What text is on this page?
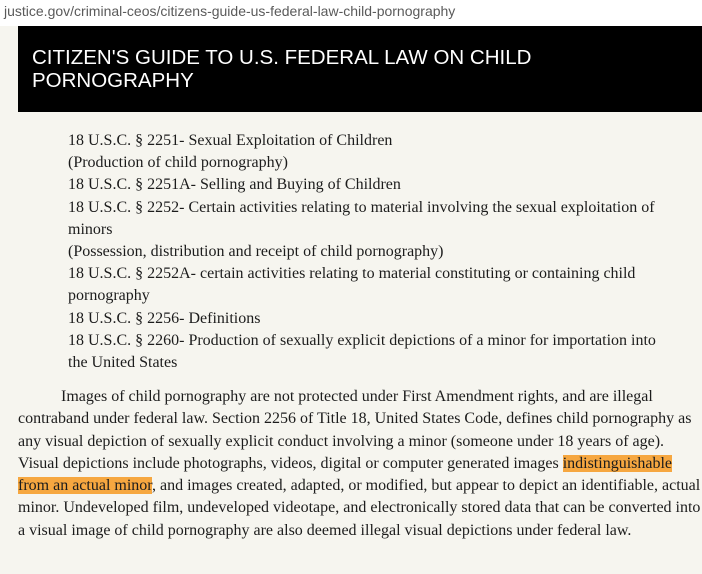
justice.gov/criminal-ceos/citizens-guide-us-federal-law-child-pornography
CITIZEN'S GUIDE TO U.S. FEDERAL LAW ON CHILD PORNOGRAPHY
18 U.S.C. § 2251- Sexual Exploitation of Children
(Production of child pornography)
18 U.S.C. § 2251A- Selling and Buying of Children
18 U.S.C. § 2252- Certain activities relating to material involving the sexual exploitation of minors
(Possession, distribution and receipt of child pornography)
18 U.S.C. § 2252A- certain activities relating to material constituting or containing child pornography
18 U.S.C. § 2256- Definitions
18 U.S.C. § 2260- Production of sexually explicit depictions of a minor for importation into the United States

Images of child pornography are not protected under First Amendment rights, and are illegal contraband under federal law. Section 2256 of Title 18, United States Code, defines child pornography as any visual depiction of sexually explicit conduct involving a minor (someone under 18 years of age). Visual depictions include photographs, videos, digital or computer generated images indistinguishable from an actual minor, and images created, adapted, or modified, but appear to depict an identifiable, actual minor. Undeveloped film, undeveloped videotape, and electronically stored data that can be converted into a visual image of child pornography are also deemed illegal visual depictions under federal law.
